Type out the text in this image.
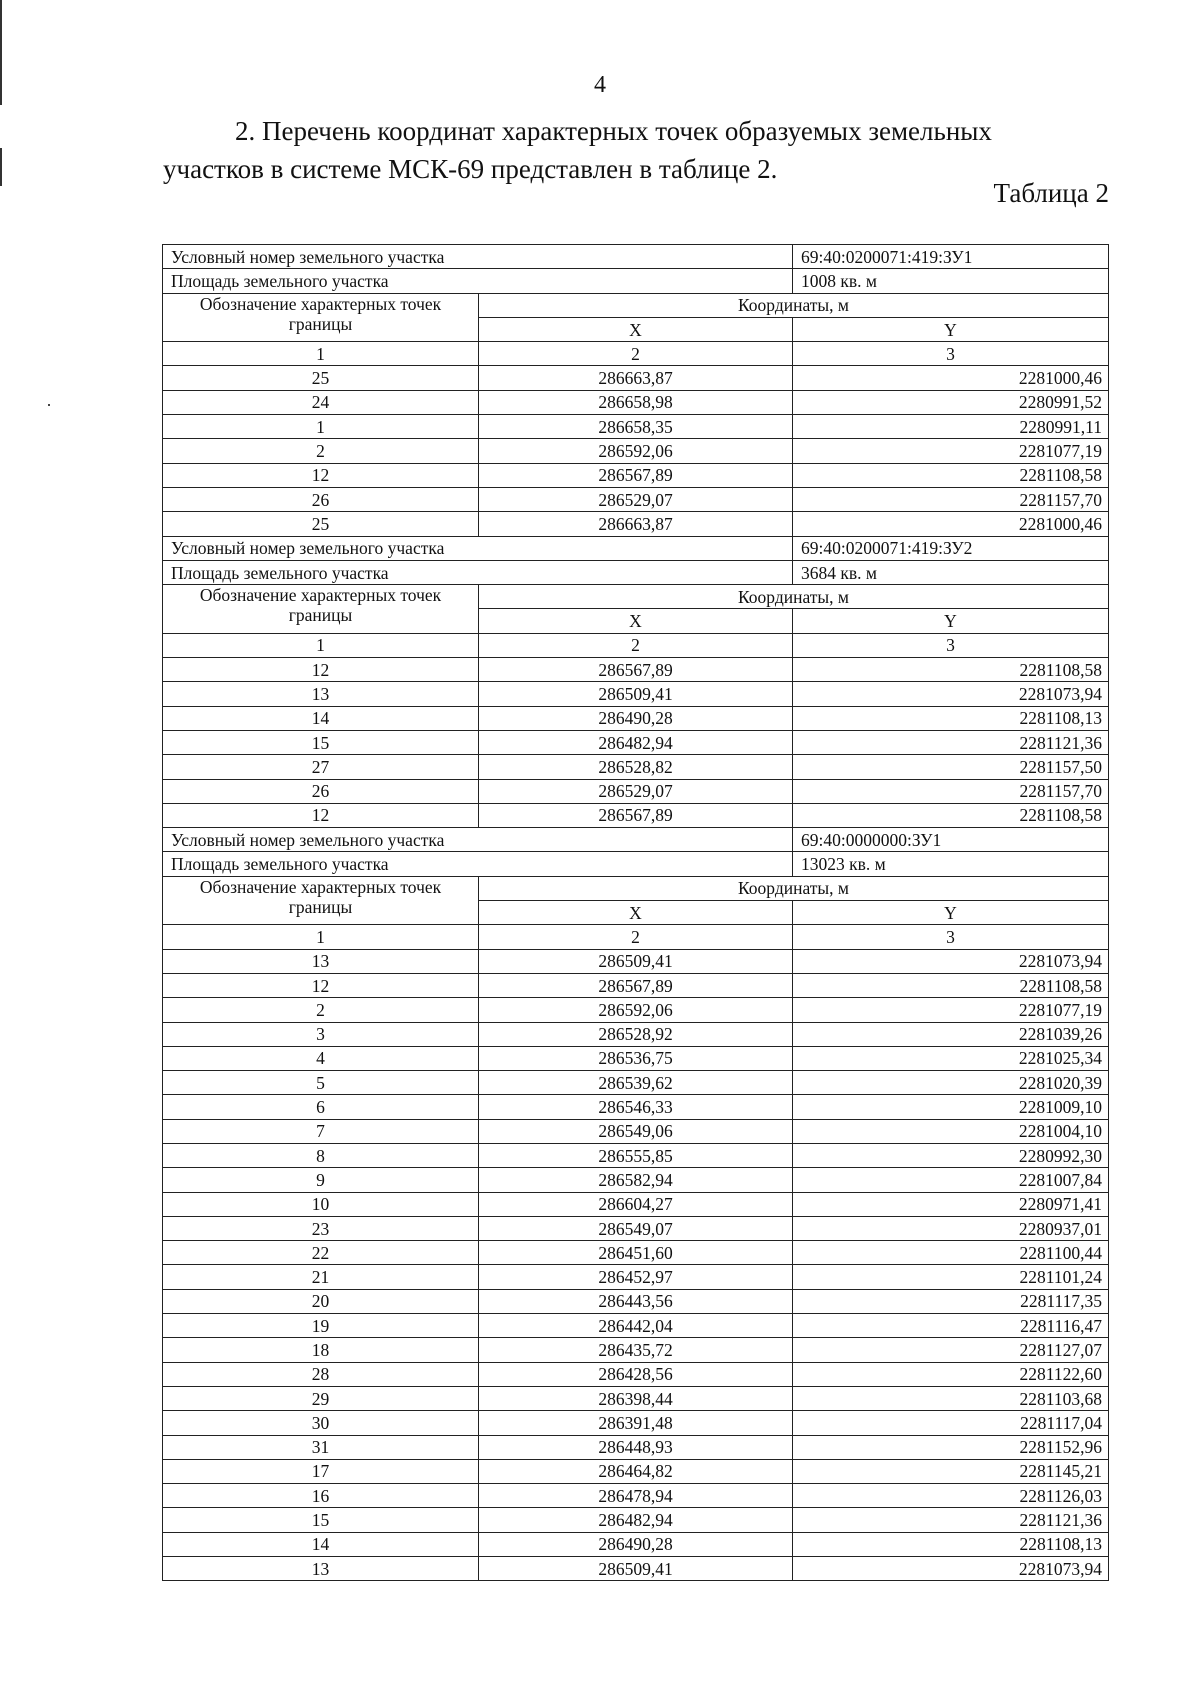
4
2. Перечень координат характерных точек образуемых земельных
участков в системе МСК-69 представлен в таблице 2.
Таблица 2
Условный номер земельного участка		69:40:0200071:419:ЗУ1
Площадь земельного участка		1008 кв. м
Обозначение характерных точек границы	Координаты, м	
	X	Y
1	2	3
25	286663,87	2281000,46
24	286658,98	2280991,52
1	286658,35	2280991,11
2	286592,06	2281077,19
12	286567,89	2281108,58
26	286529,07	2281157,70
25	286663,87	2281000,46
Условный номер земельного участка		69:40:0200071:419:ЗУ2
Площадь земельного участка		3684 кв. м
Обозначение характерных точек границы	Координаты, м	
	X	Y
1	2	3
12	286567,89	2281108,58
13	286509,41	2281073,94
14	286490,28	2281108,13
15	286482,94	2281121,36
27	286528,82	2281157,50
26	286529,07	2281157,70
12	286567,89	2281108,58
Условный номер земельного участка		69:40:0000000:ЗУ1
Площадь земельного участка		13023 кв. м
Обозначение характерных точек границы	Координаты, м	
	X	Y
1	2	3
13	286509,41	2281073,94
12	286567,89	2281108,58
2	286592,06	2281077,19
3	286528,92	2281039,26
4	286536,75	2281025,34
5	286539,62	2281020,39
6	286546,33	2281009,10
7	286549,06	2281004,10
8	286555,85	2280992,30
9	286582,94	2281007,84
10	286604,27	2280971,41
23	286549,07	2280937,01
22	286451,60	2281100,44
21	286452,97	2281101,24
20	286443,56	2281117,35
19	286442,04	2281116,47
18	286435,72	2281127,07
28	286428,56	2281122,60
29	286398,44	2281103,68
30	286391,48	2281117,04
31	286448,93	2281152,96
17	286464,82	2281145,21
16	286478,94	2281126,03
15	286482,94	2281121,36
14	286490,28	2281108,13
13	286509,41	2281073,94
